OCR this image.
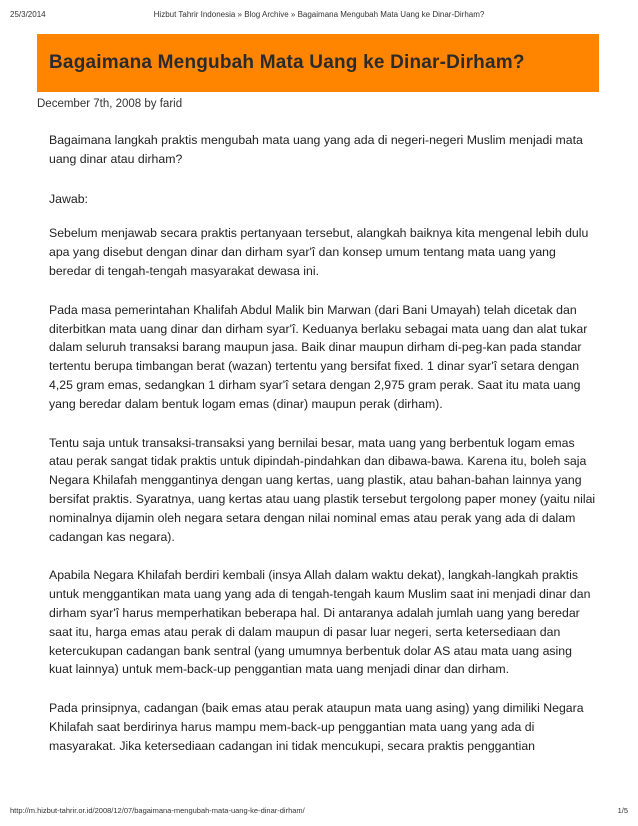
25/3/2014	Hizbut Tahrir Indonesia » Blog Archive » Bagaimana Mengubah Mata Uang ke Dinar-Dirham?
Bagaimana Mengubah Mata Uang ke Dinar-Dirham?
December 7th, 2008 by farid

Bagaimana langkah praktis mengubah mata uang yang ada di negeri-negeri Muslim menjadi mata uang dinar atau dirham?

Jawab:

Sebelum menjawab secara praktis pertanyaan tersebut, alangkah baiknya kita mengenal lebih dulu apa yang disebut dengan dinar dan dirham syar'î dan konsep umum tentang mata uang yang beredar di tengah-tengah masyarakat dewasa ini.

Pada masa pemerintahan Khalifah Abdul Malik bin Marwan (dari Bani Umayah) telah dicetak dan diterbitkan mata uang dinar dan dirham syar'î. Keduanya berlaku sebagai mata uang dan alat tukar dalam seluruh transaksi barang maupun jasa. Baik dinar maupun dirham di-peg-kan pada standar tertentu berupa timbangan berat (wazan) tertentu yang bersifat fixed. 1 dinar syar'î setara dengan 4,25 gram emas, sedangkan 1 dirham syar'î setara dengan 2,975 gram perak. Saat itu mata uang yang beredar dalam bentuk logam emas (dinar) maupun perak (dirham).

Tentu saja untuk transaksi-transaksi yang bernilai besar, mata uang yang berbentuk logam emas atau perak sangat tidak praktis untuk dipindah-pindahkan dan dibawa-bawa. Karena itu, boleh saja Negara Khilafah menggantinya dengan uang kertas, uang plastik, atau bahan-bahan lainnya yang bersifat praktis. Syaratnya, uang kertas atau uang plastik tersebut tergolong paper money (yaitu nilai nominalnya dijamin oleh negara setara dengan nilai nominal emas atau perak yang ada di dalam cadangan kas negara).

Apabila Negara Khilafah berdiri kembali (insya Allah dalam waktu dekat), langkah-langkah praktis untuk menggantikan mata uang yang ada di tengah-tengah kaum Muslim saat ini menjadi dinar dan dirham syar'î harus memperhatikan beberapa hal. Di antaranya adalah jumlah uang yang beredar saat itu, harga emas atau perak di dalam maupun di pasar luar negeri, serta ketersediaan dan ketercukupan cadangan bank sentral (yang umumnya berbentuk dolar AS atau mata uang asing kuat lainnya) untuk mem-back-up penggantian mata uang menjadi dinar dan dirham.

Pada prinsipnya, cadangan (baik emas atau perak ataupun mata uang asing) yang dimiliki Negara Khilafah saat berdirinya harus mampu mem-back-up penggantian mata uang yang ada di masyarakat. Jika ketersediaan cadangan ini tidak mencukupi, secara praktis penggantian

http://m.hizbut-tahrir.or.id/2008/12/07/bagaimana-mengubah-mata-uang-ke-dinar-dirham/	1/5
